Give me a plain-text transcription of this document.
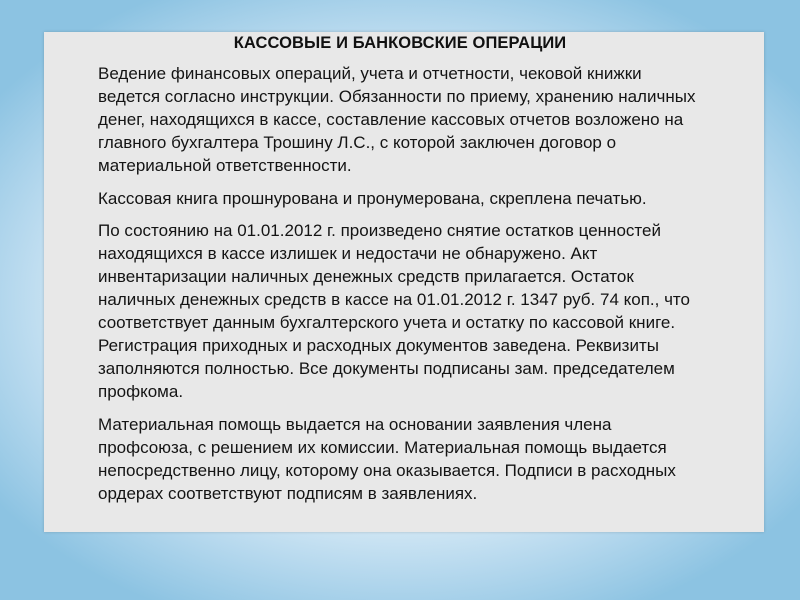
КАССОВЫЕ И БАНКОВСКИЕ ОПЕРАЦИИ

Ведение финансовых операций, учета и отчетности, чековой книжки
ведется согласно инструкции. Обязанности по приему, хранению наличных
денег, находящихся в кассе, составление кассовых отчетов возложено на
главного бухгалтера Трошину Л.С., с которой заключен договор о
материальной ответственности.

Кассовая книга прошнурована и пронумерована, скреплена печатью.

По состоянию на 01.01.2012 г. произведено снятие остатков ценностей
находящихся в кассе излишек и недостачи не обнаружено. Акт
инвентаризации наличных денежных средств прилагается. Остаток
наличных денежных средств в кассе на 01.01.2012 г. 1347 руб. 74 коп., что
соответствует данным бухгалтерского учета и остатку по кассовой книге.
Регистрация приходных и расходных документов заведена. Реквизиты
заполняются полностью. Все документы подписаны зам. председателем
профкома.

Материальная помощь выдается на основании заявления члена
профсоюза, с решением их комиссии. Материальная помощь выдается
непосредственно лицу, которому она оказывается. Подписи в расходных
ордерах соответствуют подписям в заявлениях.
